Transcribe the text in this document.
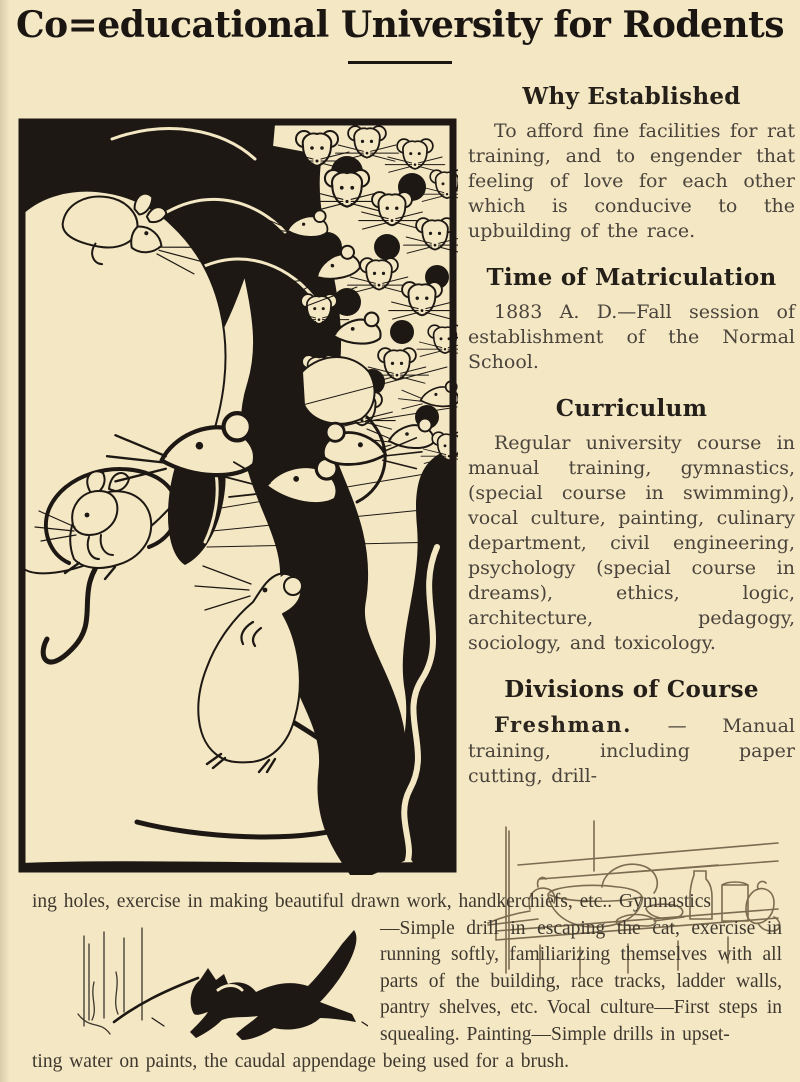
Co=educational University for Rodents
Why Established

To afford fine facilities for rat training, and to engender that feeling of love for each other which is conducive to the upbuilding of the race.

Time of Matriculation

1883 A. D.—Fall session of establishment of the Normal School.

Curriculum

Regular university course in manual training, gymnastics, (special course in swimming), vocal culture, painting, culinary department, civil engineering, psychology (special course in dreams), ethics, logic, architecture, pedagogy, sociology, and toxicology.

Divisions of Course

Freshman. — Manual training, including paper cutting, drill-

ing holes, exercise in making beautiful drawn work, handkerchiefs, etc.. Gymnastics

—Simple drill in escaping the cat, exercise in running softly, familiarizing themselves with all parts of the building, race tracks, ladder walls, pantry shelves, etc. Vocal culture—First steps in squealing. Painting—Simple drills in upset-

ting water on paints, the caudal appendage being used for a brush.
